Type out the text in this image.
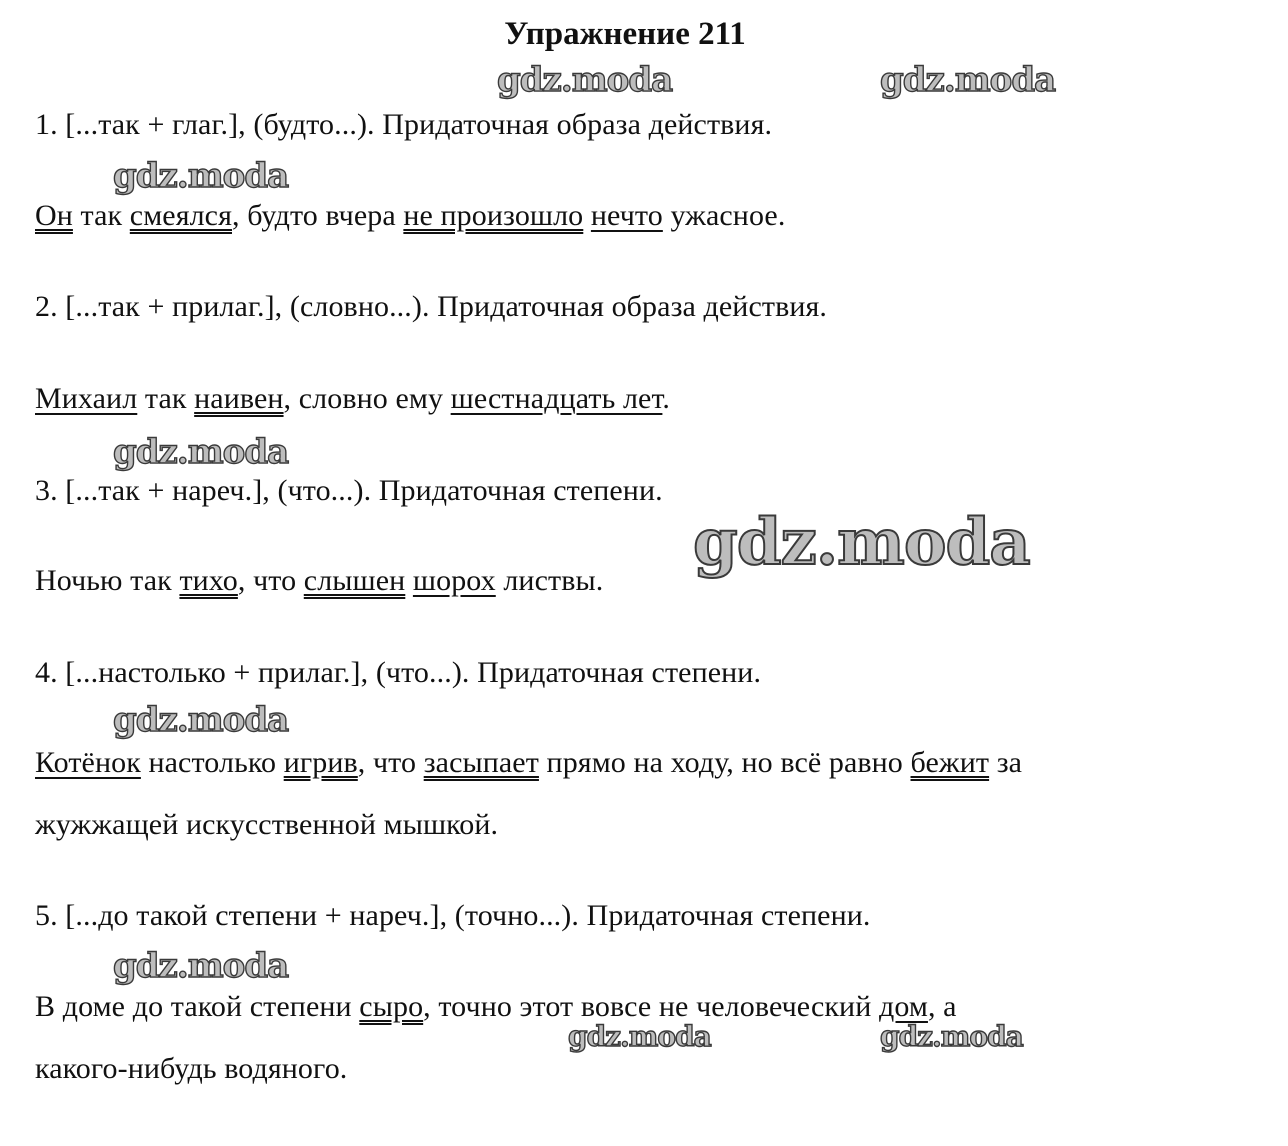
Упражнение 211
1. [...так + глаг.], (будто...). Придаточная образа действия.
Он так смеялся, будто вчера не произошло нечто ужасное.
2. [...так + прилаг.], (словно...). Придаточная образа действия.
Михаил так наивен, словно ему шестнадцать лет.
3. [...так + нареч.], (что...). Придаточная степени.
Ночью так тихо, что слышен шорох листвы.
4. [...настолько + прилаг.], (что...). Придаточная степени.
Котёнок настолько игрив, что засыпает прямо на ходу, но всё равно бежит за
жужжащей искусственной мышкой.
5. [...до такой степени + нареч.], (точно...). Придаточная степени.
В доме до такой степени сыро, точно этот вовсе не человеческий дом, а
какого-нибудь водяного.
gdz.moda	gdz.moda
gdz.moda
gdz.moda
gdz.moda
gdz.moda
gdz.moda
gdz.moda	gdz.moda
